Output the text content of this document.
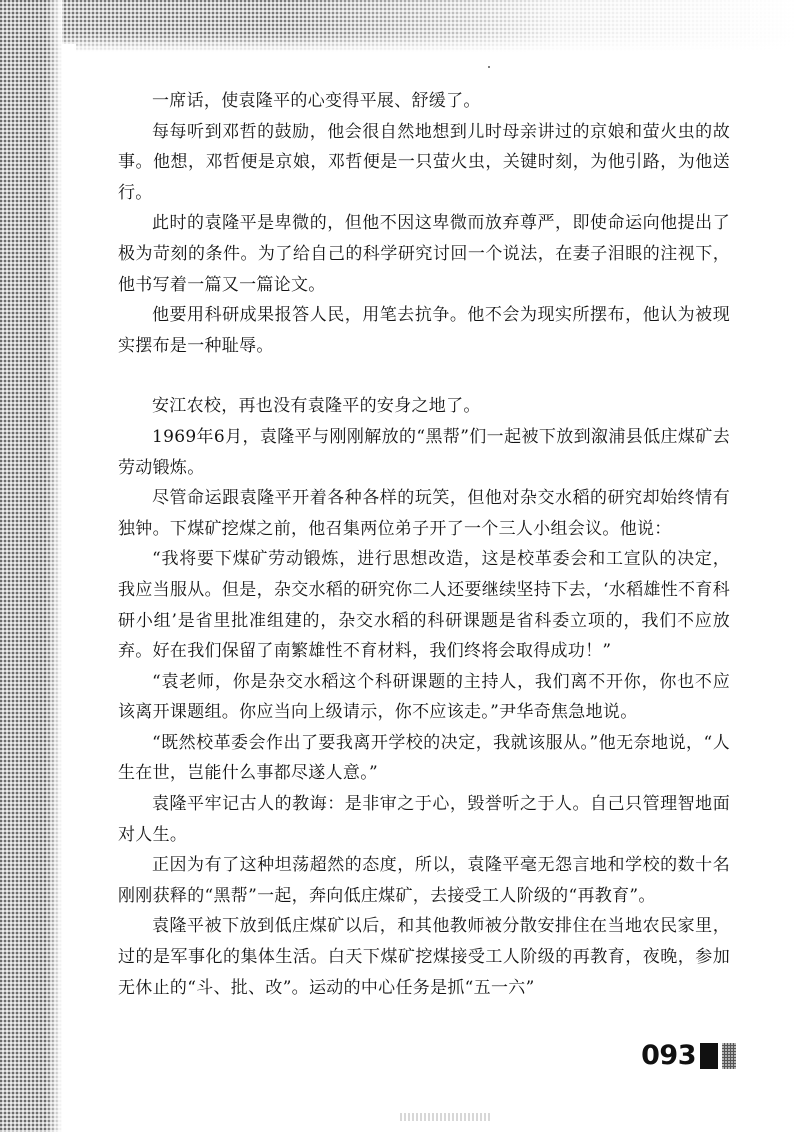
一席话，使袁隆平的心变得平展、舒缓了。

每每听到邓哲的鼓励，他会很自然地想到儿时母亲讲过的京娘和萤火虫的故事。他想，邓哲便是京娘，邓哲便是一只萤火虫，关键时刻，为他引路，为他送行。

此时的袁隆平是卑微的，但他不因这卑微而放弃尊严，即使命运向他提出了极为苛刻的条件。为了给自己的科学研究讨回一个说法，在妻子泪眼的注视下，他书写着一篇又一篇论文。

他要用科研成果报答人民，用笔去抗争。他不会为现实所摆布，他认为被现实摆布是一种耻辱。

安江农校，再也没有袁隆平的安身之地了。

1969年6月，袁隆平与刚刚解放的“黑帮”们一起被下放到溆浦县低庄煤矿去劳动锻炼。

尽管命运跟袁隆平开着各种各样的玩笑，但他对杂交水稻的研究却始终情有独钟。下煤矿挖煤之前，他召集两位弟子开了一个三人小组会议。他说：

“我将要下煤矿劳动锻炼，进行思想改造，这是校革委会和工宣队的决定，我应当服从。但是，杂交水稻的研究你二人还要继续坚持下去，‘水稻雄性不育科研小组’是省里批准组建的，杂交水稻的科研课题是省科委立项的，我们不应放弃。好在我们保留了南繁雄性不育材料，我们终将会取得成功！”

“袁老师，你是杂交水稻这个科研课题的主持人，我们离不开你，你也不应该离开课题组。你应当向上级请示，你不应该走。”尹华奇焦急地说。

“既然校革委会作出了要我离开学校的决定，我就该服从。”他无奈地说，“人生在世，岂能什么事都尽遂人意。”

袁隆平牢记古人的教诲：是非审之于心，毁誉听之于人。自己只管理智地面对人生。

正因为有了这种坦荡超然的态度，所以，袁隆平毫无怨言地和学校的数十名刚刚获释的“黑帮”一起，奔向低庄煤矿，去接受工人阶级的“再教育”。

袁隆平被下放到低庄煤矿以后，和其他教师被分散安排住在当地农民家里，过的是军事化的集体生活。白天下煤矿挖煤接受工人阶级的再教育，夜晚，参加无休止的“斗、批、改”。运动的中心任务是抓“五一六”

093
